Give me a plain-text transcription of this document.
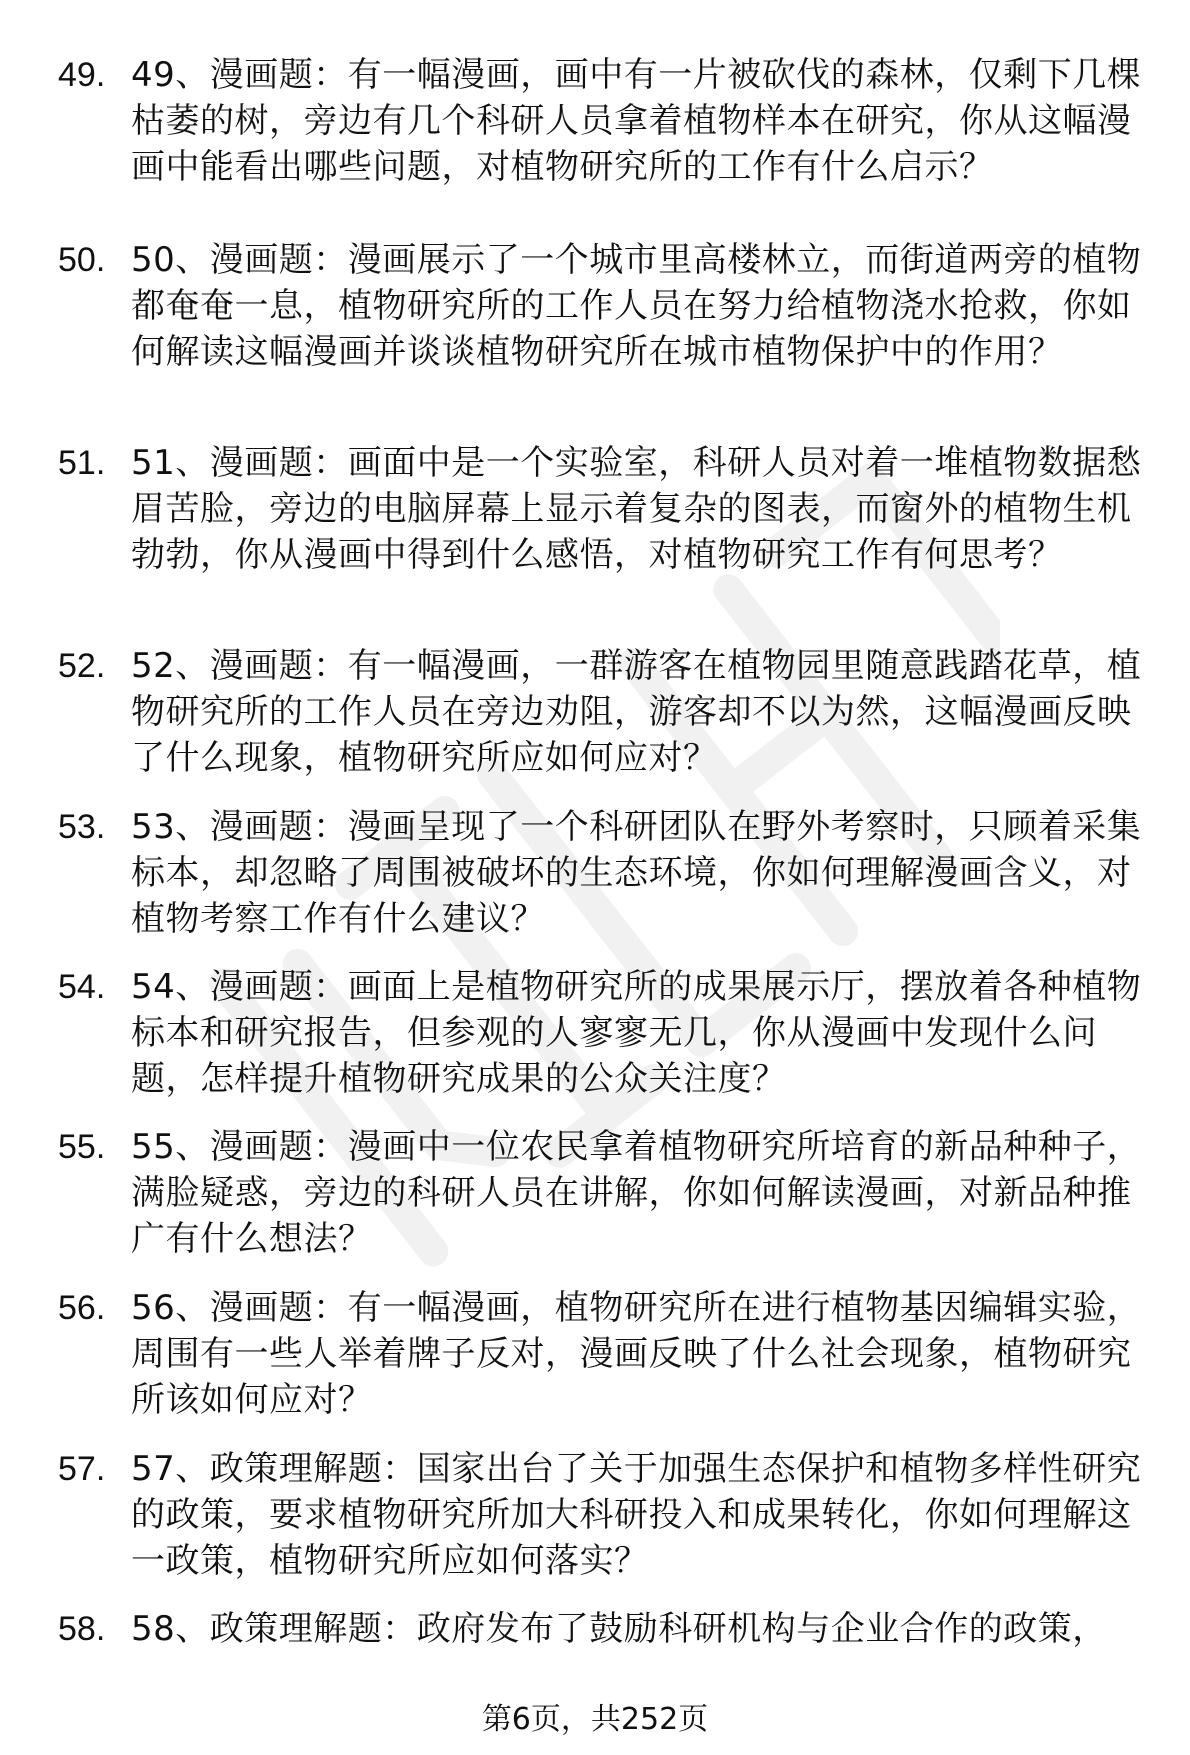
49. 49、漫画题：有一幅漫画，画中有一片被砍伐的森林，仅剩下几棵枯萎的树，旁边有几个科研人员拿着植物样本在研究，你从这幅漫画中能看出哪些问题，对植物研究所的工作有什么启示？
50. 50、漫画题：漫画展示了一个城市里高楼林立，而街道两旁的植物都奄奄一息，植物研究所的工作人员在努力给植物浇水抢救，你如何解读这幅漫画并谈谈植物研究所在城市植物保护中的作用？
51. 51、漫画题：画面中是一个实验室，科研人员对着一堆植物数据愁眉苦脸，旁边的电脑屏幕上显示着复杂的图表，而窗外的植物生机勃勃，你从漫画中得到什么感悟，对植物研究工作有何思考？
52. 52、漫画题：有一幅漫画，一群游客在植物园里随意践踏花草，植物研究所的工作人员在旁边劝阻，游客却不以为然，这幅漫画反映了什么现象，植物研究所应如何应对？
53. 53、漫画题：漫画呈现了一个科研团队在野外考察时，只顾着采集标本，却忽略了周围被破坏的生态环境，你如何理解漫画含义，对植物考察工作有什么建议？
54. 54、漫画题：画面上是植物研究所的成果展示厅，摆放着各种植物标本和研究报告，但参观的人寥寥无几，你从漫画中发现什么问题，怎样提升植物研究成果的公众关注度？
55. 55、漫画题：漫画中一位农民拿着植物研究所培育的新品种种子，满脸疑惑，旁边的科研人员在讲解，你如何解读漫画，对新品种推广有什么想法？
56. 56、漫画题：有一幅漫画，植物研究所在进行植物基因编辑实验，周围有一些人举着牌子反对，漫画反映了什么社会现象，植物研究所该如何应对？
57. 57、政策理解题：国家出台了关于加强生态保护和植物多样性研究的政策，要求植物研究所加大科研投入和成果转化，你如何理解这一政策，植物研究所应如何落实？
58. 58、政策理解题：政府发布了鼓励科研机构与企业合作的政策，
第6页，共252页
